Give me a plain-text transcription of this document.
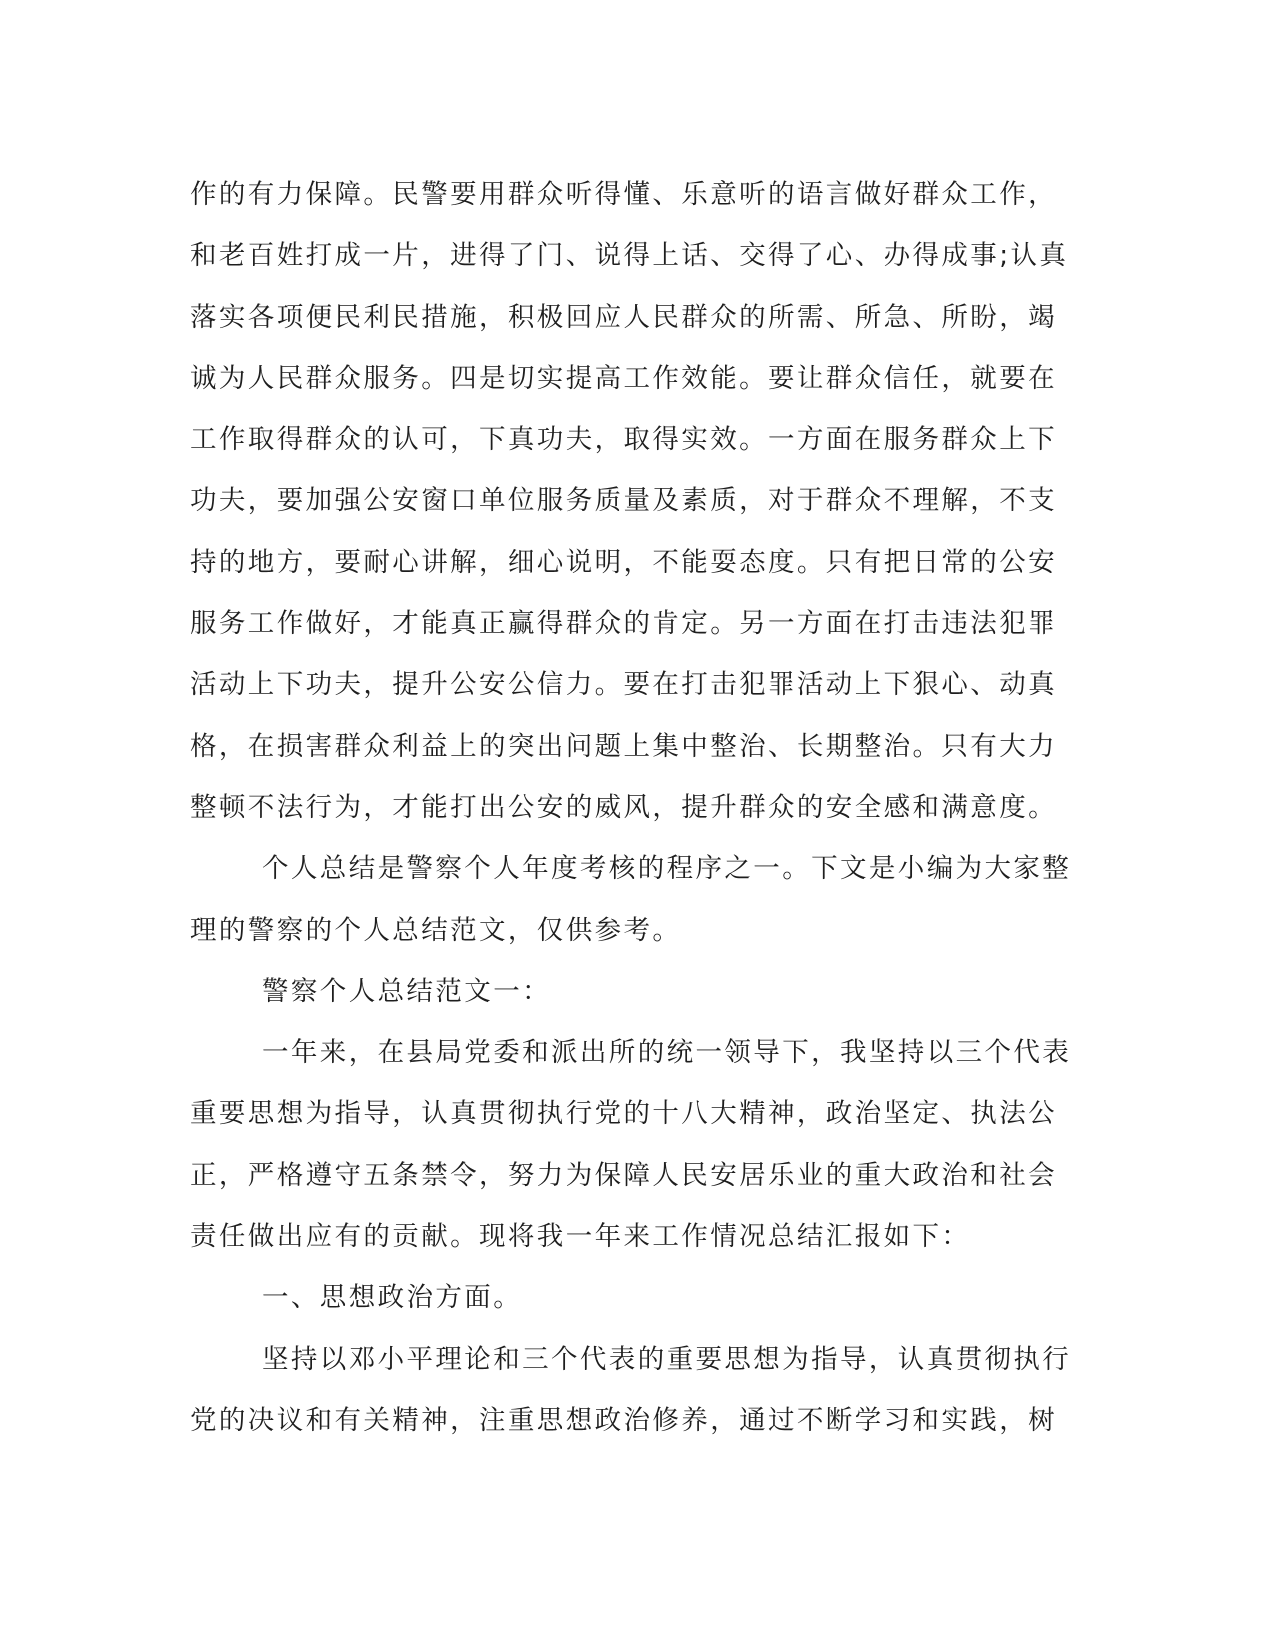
作的有力保障。民警要用群众听得懂、乐意听的语言做好群众工作，
和老百姓打成一片，进得了门、说得上话、交得了心、办得成事;认真
落实各项便民利民措施，积极回应人民群众的所需、所急、所盼，竭
诚为人民群众服务。四是切实提高工作效能。要让群众信任，就要在
工作取得群众的认可，下真功夫，取得实效。一方面在服务群众上下
功夫，要加强公安窗口单位服务质量及素质，对于群众不理解，不支
持的地方，要耐心讲解，细心说明，不能耍态度。只有把日常的公安
服务工作做好，才能真正赢得群众的肯定。另一方面在打击违法犯罪
活动上下功夫，提升公安公信力。要在打击犯罪活动上下狠心、动真
格，在损害群众利益上的突出问题上集中整治、长期整治。只有大力
整顿不法行为，才能打出公安的威风，提升群众的安全感和满意度。
个人总结是警察个人年度考核的程序之一。下文是小编为大家整
理的警察的个人总结范文，仅供参考。
警察个人总结范文一：
一年来，在县局党委和派出所的统一领导下，我坚持以三个代表
重要思想为指导，认真贯彻执行党的十八大精神，政治坚定、执法公
正，严格遵守五条禁令，努力为保障人民安居乐业的重大政治和社会
责任做出应有的贡献。现将我一年来工作情况总结汇报如下：
一、思想政治方面。
坚持以邓小平理论和三个代表的重要思想为指导，认真贯彻执行
党的决议和有关精神，注重思想政治修养，通过不断学习和实践，树
